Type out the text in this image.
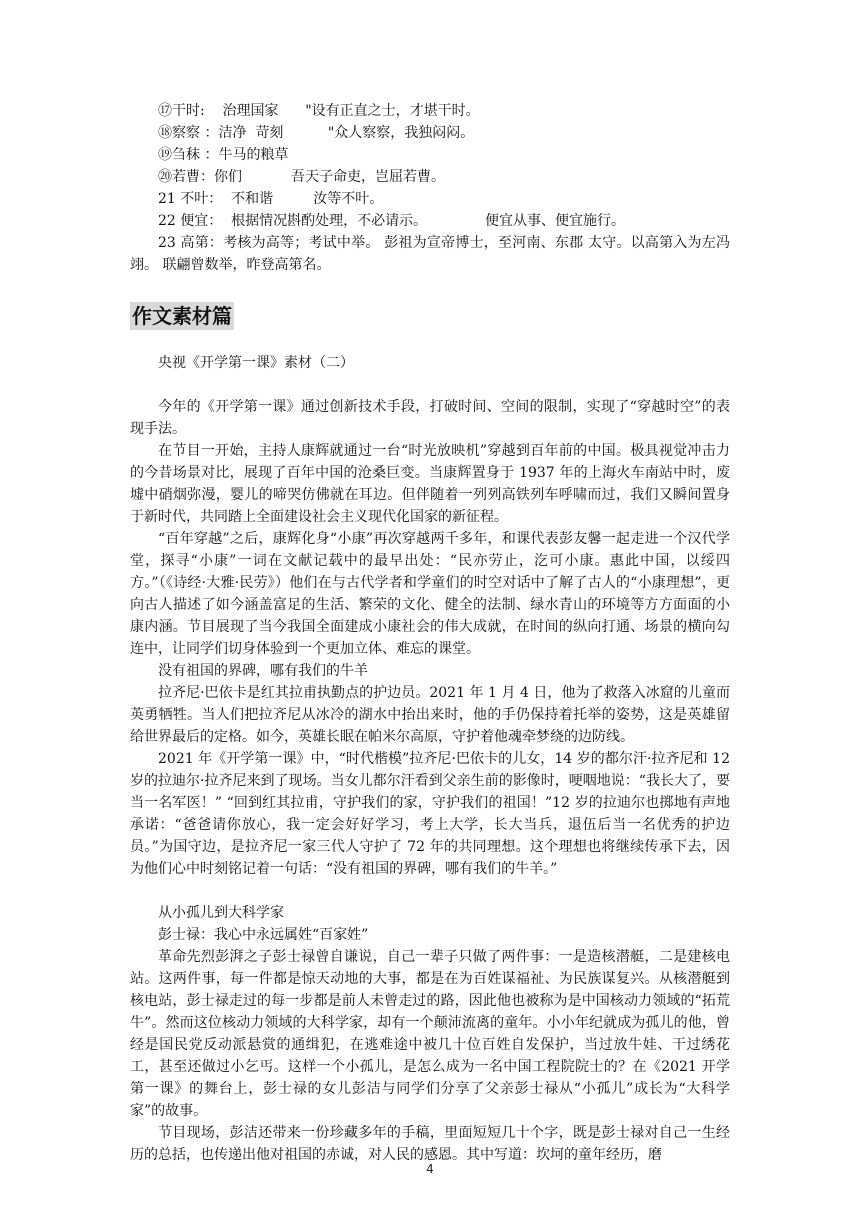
⑰干时:    治理国家      "设有正直之士，才堪干时。
⑱察察 ：洁净  苛刻          "众人察察，我独闷闷。
⑲刍秣 ：牛马的粮草
⑳若曹：你们           吾天子命吏，岂屈若曹。
21 不叶：  不和谐         汝等不叶。
22 便宜：  根据情况斟酌处理，不必请示。             便宜从事、便宜施行。
23 高第：考核为高等；考试中举。 彭祖为宣帝博士，至河南、东郡 太守。以高第入为左冯翊。 联翩曾数举，昨登高第名。
作文素材篇
央视《开学第一课》素材（二）
今年的《开学第一课》通过创新技术手段，打破时间、空间的限制，实现了“穿越时空”的表现手法。
在节目一开始，主持人康辉就通过一台“时光放映机”穿越到百年前的中国。极具视觉冲击力的今昔场景对比，展现了百年中国的沧桑巨变。当康辉置身于 1937 年的上海火车南站中时，废墟中硝烟弥漫，婴儿的啼哭仿佛就在耳边。但伴随着一列列高铁列车呼啸而过，我们又瞬间置身于新时代，共同踏上全面建设社会主义现代化国家的新征程。
“百年穿越”之后，康辉化身“小康”再次穿越两千多年，和课代表彭友馨一起走进一个汉代学堂，探寻“小康”一词在文献记载中的最早出处：“民亦劳止，汔可小康。惠此中国，以绥四方。”（《诗经·大雅·民劳》）他们在与古代学者和学童们的时空对话中了解了古人的“小康理想”，更向古人描述了如今涵盖富足的生活、繁荣的文化、健全的法制、绿水青山的环境等方方面面的小康内涵。节目展现了当今我国全面建成小康社会的伟大成就，在时间的纵向打通、场景的横向勾连中，让同学们切身体验到一个更加立体、难忘的课堂。
没有祖国的界碑，哪有我们的牛羊
拉齐尼·巴依卡是红其拉甫执勤点的护边员。2021 年 1 月 4 日，他为了救落入冰窟的儿童而英勇牺牲。当人们把拉齐尼从冰冷的湖水中抬出来时，他的手仍保持着托举的姿势，这是英雄留给世界最后的定格。如今，英雄长眠在帕米尔高原，守护着他魂牵梦绕的边防线。
2021 年《开学第一课》中，“时代楷模”拉齐尼·巴依卡的儿女，14 岁的都尔汗·拉齐尼和 12 岁的拉迪尔·拉齐尼来到了现场。当女儿都尔汗看到父亲生前的影像时，哽咽地说：“我长大了，要当一名军医！” “回到红其拉甫，守护我们的家，守护我们的祖国！”12 岁的拉迪尔也掷地有声地承诺：“爸爸请你放心，我一定会好好学习，考上大学，长大当兵，退伍后当一名优秀的护边员。”为国守边，是拉齐尼一家三代人守护了 72 年的共同理想。这个理想也将继续传承下去，因为他们心中时刻铭记着一句话：“没有祖国的界碑，哪有我们的牛羊。”
从小孤儿到大科学家
彭士禄：我心中永远属姓“百家姓”
革命先烈彭湃之子彭士禄曾自谦说，自己一辈子只做了两件事：一是造核潜艇，二是建核电站。这两件事，每一件都是惊天动地的大事，都是在为百姓谋福祉、为民族谋复兴。从核潜艇到核电站，彭士禄走过的每一步都是前人未曾走过的路，因此他也被称为是中国核动力领域的“拓荒牛”。然而这位核动力领域的大科学家，却有一个颠沛流离的童年。小小年纪就成为孤儿的他，曾经是国民党反动派悬赏的通缉犯，在逃难途中被几十位百姓自发保护，当过放牛娃、干过绣花工，甚至还做过小乞丐。这样一个小孤儿，是怎么成为一名中国工程院院士的？在《2021 开学第一课》的舞台上，彭士禄的女儿彭洁与同学们分享了父亲彭士禄从“小孤儿”成长为“大科学家”的故事。
节目现场，彭洁还带来一份珍藏多年的手稿，里面短短几十个字，既是彭士禄对自己一生经历的总括，也传递出他对祖国的赤诚，对人民的感恩。其中写道：坎坷的童年经历，磨
4
